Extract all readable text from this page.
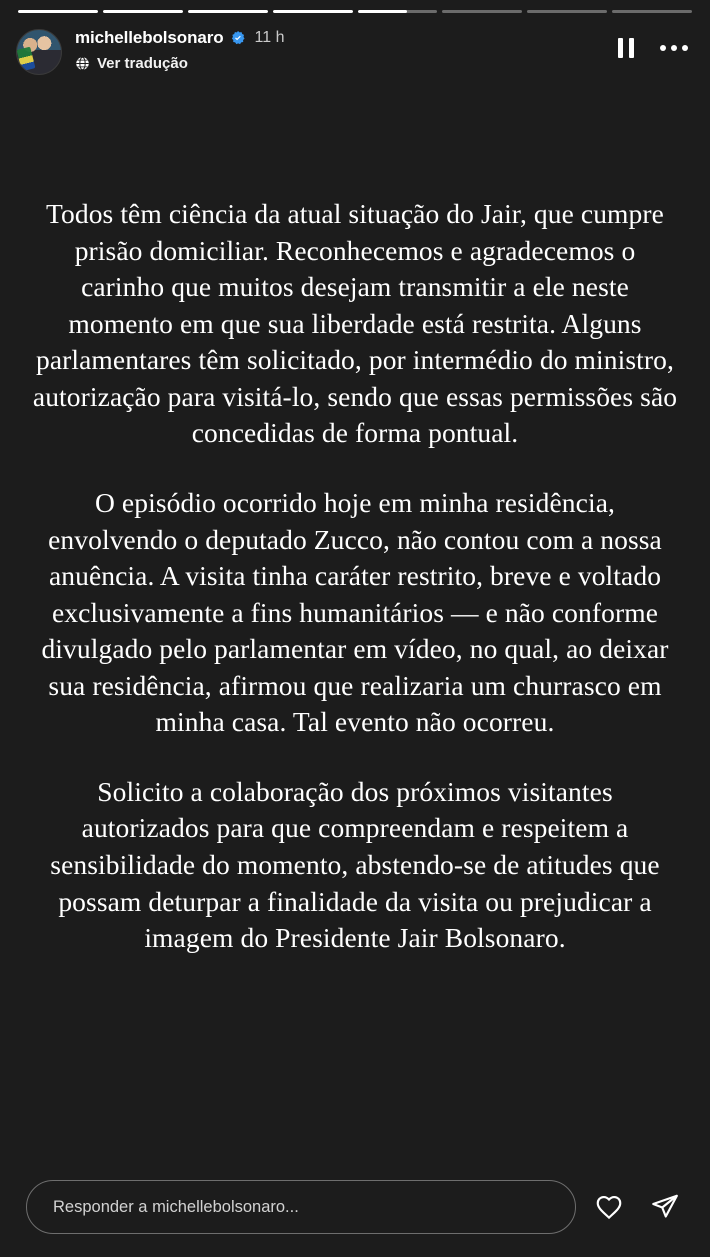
michellebolsonaro 11 h
Ver tradução

Todos têm ciência da atual situação do Jair, que cumpre prisão domiciliar. Reconhecemos e agradecemos o carinho que muitos desejam transmitir a ele neste momento em que sua liberdade está restrita. Alguns parlamentares têm solicitado, por intermédio do ministro, autorização para visitá-lo, sendo que essas permissões são concedidas de forma pontual.

O episódio ocorrido hoje em minha residência, envolvendo o deputado Zucco, não contou com a nossa anuência. A visita tinha caráter restrito, breve e voltado exclusivamente a fins humanitários — e não conforme divulgado pelo parlamentar em vídeo, no qual, ao deixar sua residência, afirmou que realizaria um churrasco em minha casa. Tal evento não ocorreu.

Solicito a colaboração dos próximos visitantes autorizados para que compreendam e respeitem a sensibilidade do momento, abstendo-se de atitudes que possam deturpar a finalidade da visita ou prejudicar a imagem do Presidente Jair Bolsonaro.

Responder a michellebolsonaro...
